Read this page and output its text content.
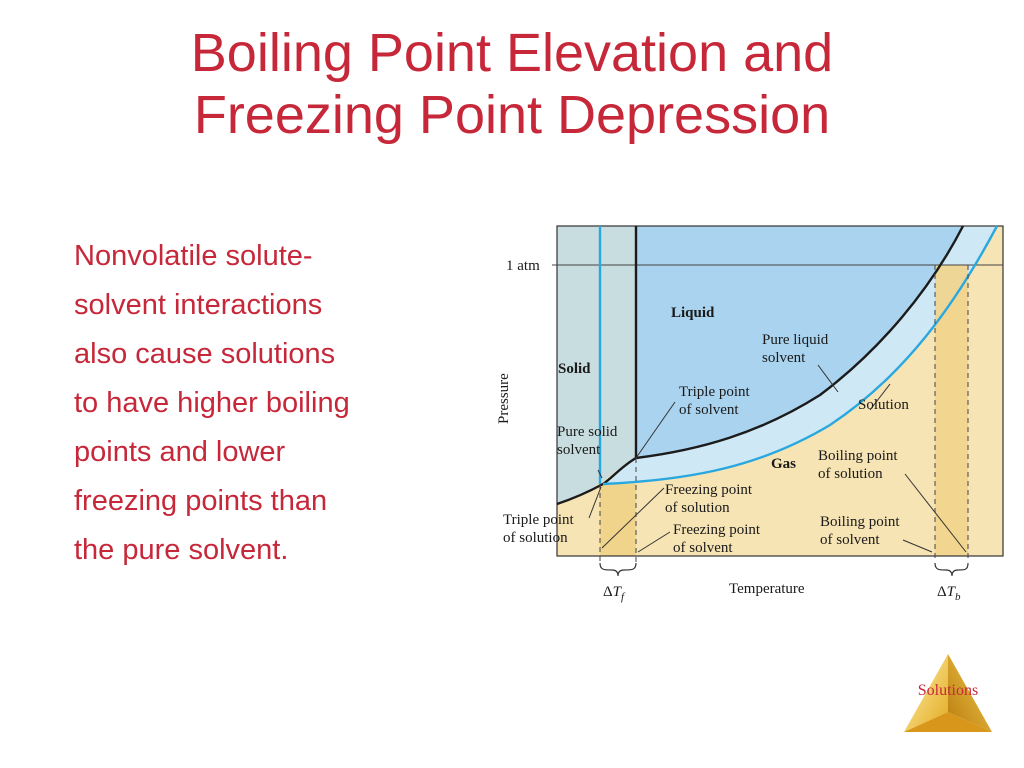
Boiling Point Elevation and
Freezing Point Depression
Nonvolatile solute-
solvent interactions
also cause solutions
to have higher boiling
points and lower
freezing points than
the pure solvent.
1 atm
Solid
Liquid
Gas
Pure liquid
solvent
Triple point
of solvent	Solution
Pure solid
solvent	Boiling point
of solution
Freezing point
of solution
Triple point
of solution	Freezing point
of solvent
Boiling point
of solvent
Pressure
Temperature
$\Delta T_f$	$\Delta T_b$
Solutions
